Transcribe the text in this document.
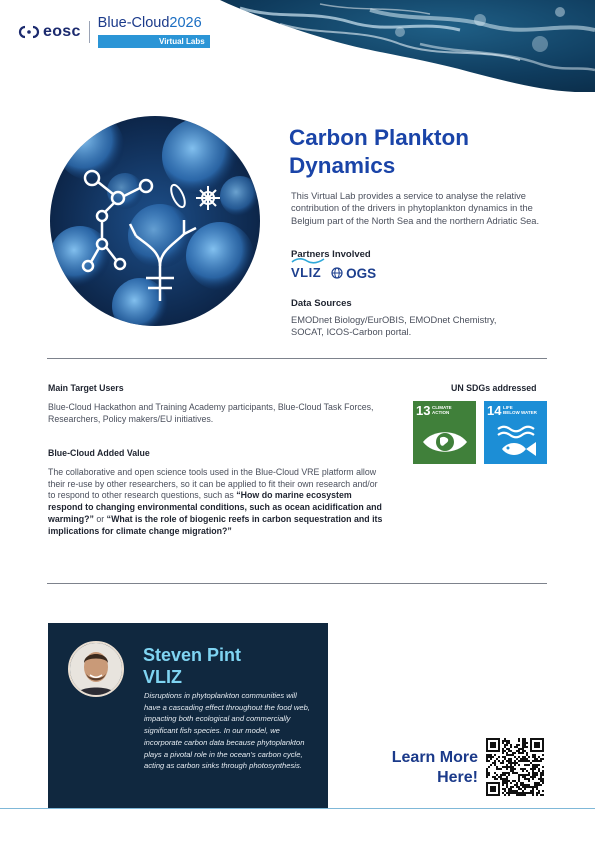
eosc Blue-Cloud2026
Virtual Labs
Carbon Plankton
Dynamics

This Virtual Lab provides a service to analyse the relative contribution of the drivers in phytoplankton dynamics in the Belgium part of the North Sea and the northern Adriatic Sea.

Partners Involved
VLIZ OGS
Data Sources

EMODnet Biology/EurOBIS, EMODnet Chemistry, SOCAT, ICOS-Carbon portal.

Main Target Users

Blue-Cloud Hackathon and Training Academy participants, Blue-Cloud Task Forces, Researchers, Policy makers/EU initiatives.

UN SDGs addressed
13 CLIMATE
ACTION	14 LIFE
BELOW WATER
Blue-Cloud Added Value

The collaborative and open science tools used in the Blue-Cloud VRE platform allow their re-use by other researchers, so it can be applied to fit their own research and/or to respond to other research questions, such as “How do marine ecosystem respond to changing environmental conditions, such as ocean acidification and warming?” or “What is the role of biogenic reefs in carbon sequestration and its implications for climate change migration?”

Steven Pint
VLIZ

Disruptions in phytoplankton communities will have a cascading effect throughout the food web, impacting both ecological and commercially significant fish species. In our model, we incorporate carbon data because phytoplankton plays a pivotal role in the ocean’s carbon cycle, acting as carbon sinks through photosynthesis.	Learn More
Here!
